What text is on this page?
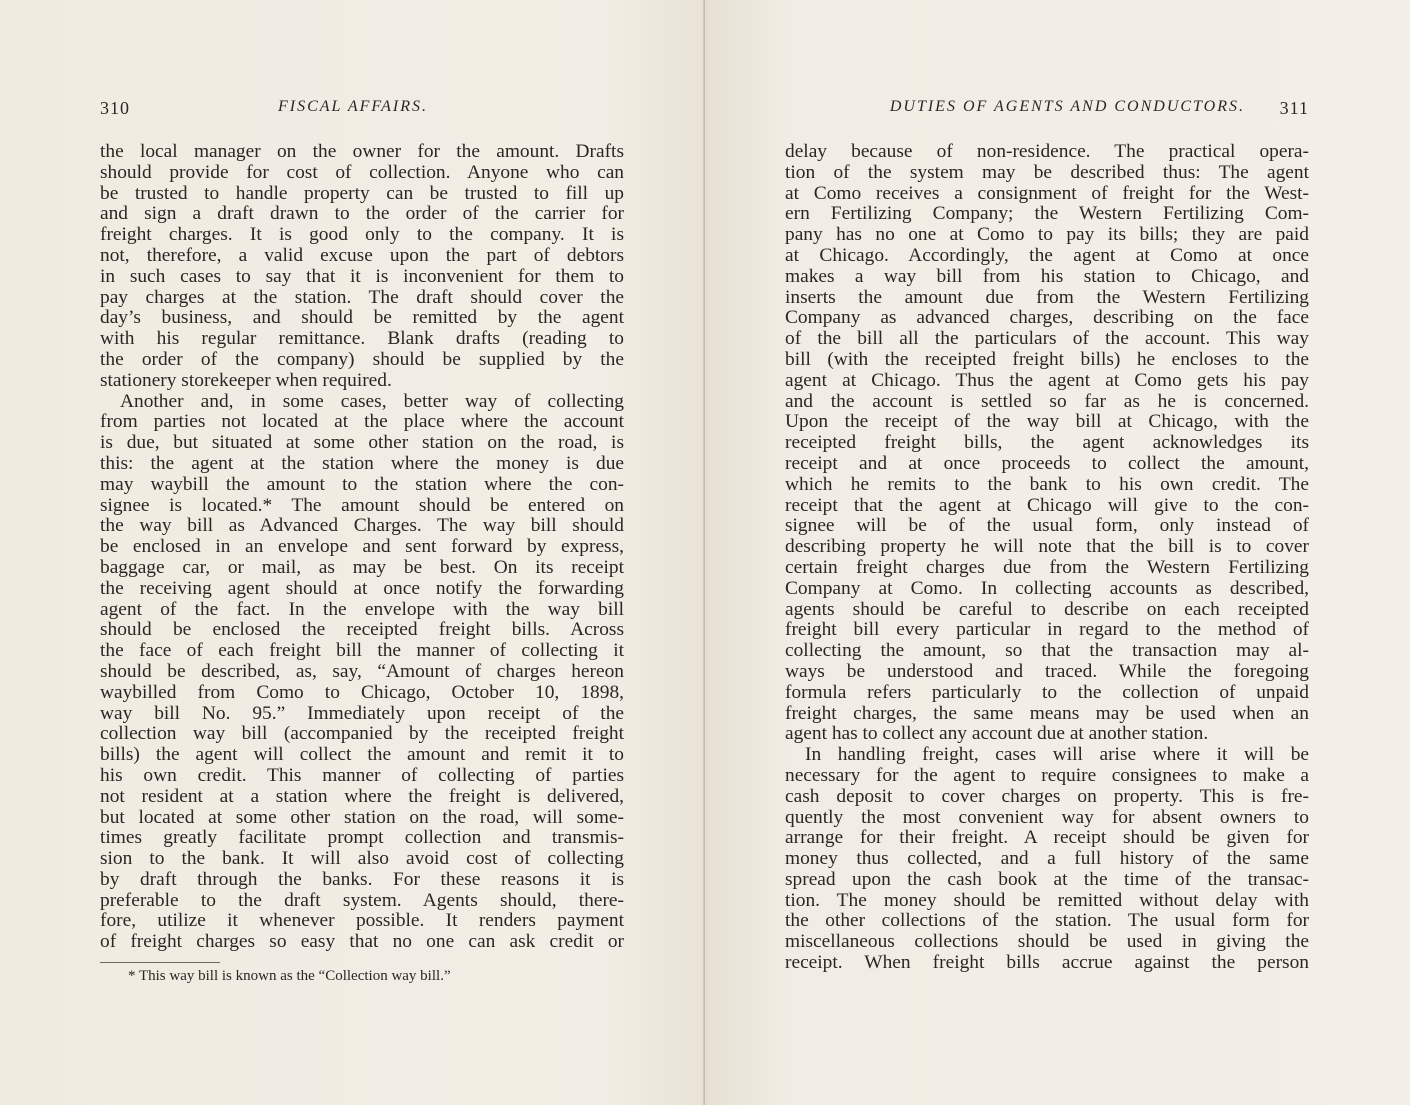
310	FISCAL AFFAIRS.
the local manager on the owner for the amount. Drafts
should provide for cost of collection. Anyone who can
be trusted to handle property can be trusted to fill up
and sign a draft drawn to the order of the carrier for
freight charges. It is good only to the company. It is
not, therefore, a valid excuse upon the part of debtors
in such cases to say that it is inconvenient for them to
pay charges at the station. The draft should cover the
day’s business, and should be remitted by the agent
with his regular remittance. Blank drafts (reading to
the order of the company) should be supplied by the
stationery storekeeper when required.
Another and, in some cases, better way of collecting
from parties not located at the place where the account
is due, but situated at some other station on the road, is
this: the agent at the station where the money is due
may waybill the amount to the station where the con-
signee is located.* The amount should be entered on
the way bill as Advanced Charges. The way bill should
be enclosed in an envelope and sent forward by express,
baggage car, or mail, as may be best. On its receipt
the receiving agent should at once notify the forwarding
agent of the fact. In the envelope with the way bill
should be enclosed the receipted freight bills. Across
the face of each freight bill the manner of collecting it
should be described, as, say, “Amount of charges hereon
waybilled from Como to Chicago, October 10, 1898,
way bill No. 95.” Immediately upon receipt of the
collection way bill (accompanied by the receipted freight
bills) the agent will collect the amount and remit it to
his own credit. This manner of collecting of parties
not resident at a station where the freight is delivered,
but located at some other station on the road, will some-
times greatly facilitate prompt collection and transmis-
sion to the bank. It will also avoid cost of collecting
by draft through the banks. For these reasons it is
preferable to the draft system. Agents should, there-
fore, utilize it whenever possible. It renders payment
of freight charges so easy that no one can ask credit or
* This way bill is known as the “Collection way bill.”
DUTIES OF AGENTS AND CONDUCTORS. 311
delay because of non-residence. The practical opera-
tion of the system may be described thus: The agent
at Como receives a consignment of freight for the West-
ern Fertilizing Company; the Western Fertilizing Com-
pany has no one at Como to pay its bills; they are paid
at Chicago. Accordingly, the agent at Como at once
makes a way bill from his station to Chicago, and
inserts the amount due from the Western Fertilizing
Company as advanced charges, describing on the face
of the bill all the particulars of the account. This way
bill (with the receipted freight bills) he encloses to the
agent at Chicago. Thus the agent at Como gets his pay
and the account is settled so far as he is concerned.
Upon the receipt of the way bill at Chicago, with the
receipted freight bills, the agent acknowledges its
receipt and at once proceeds to collect the amount,
which he remits to the bank to his own credit. The
receipt that the agent at Chicago will give to the con-
signee will be of the usual form, only instead of
describing property he will note that the bill is to cover
certain freight charges due from the Western Fertilizing
Company at Como. In collecting accounts as described,
agents should be careful to describe on each receipted
freight bill every particular in regard to the method of
collecting the amount, so that the transaction may al-
ways be understood and traced. While the foregoing
formula refers particularly to the collection of unpaid
freight charges, the same means may be used when an
agent has to collect any account due at another station.
In handling freight, cases will arise where it will be
necessary for the agent to require consignees to make a
cash deposit to cover charges on property. This is fre-
quently the most convenient way for absent owners to
arrange for their freight. A receipt should be given for
money thus collected, and a full history of the same
spread upon the cash book at the time of the transac-
tion. The money should be remitted without delay with
the other collections of the station. The usual form for
miscellaneous collections should be used in giving the
receipt. When freight bills accrue against the person
